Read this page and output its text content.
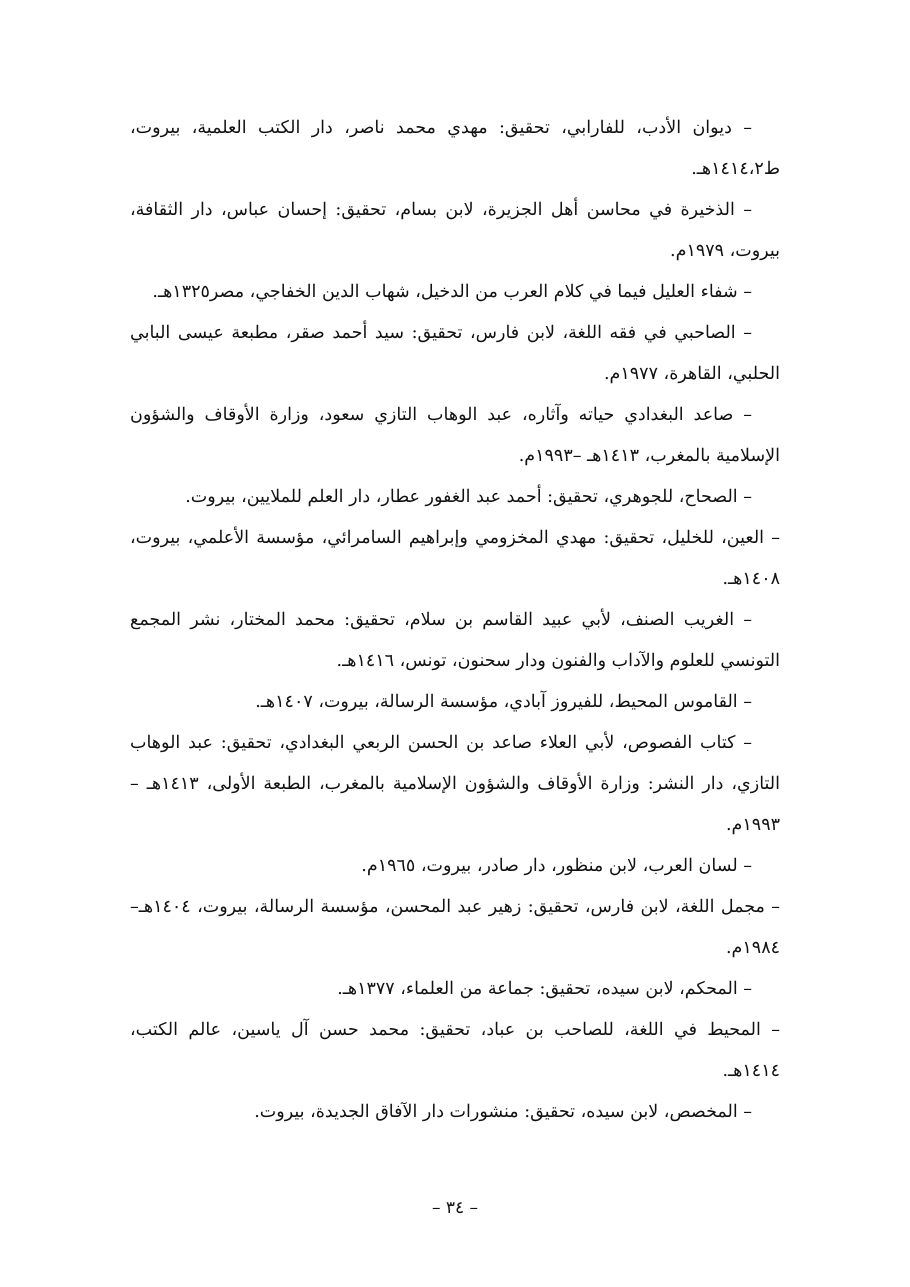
– ديوان الأدب، للفارابي، تحقيق: مهدي محمد ناصر، دار الكتب العلمية، بيروت، ط١٤١٤،٢هـ.

– الذخيرة في محاسن أهل الجزيرة، لابن بسام، تحقيق: إحسان عباس، دار الثقافة، بيروت، ١٩٧٩م.

– شفاء العليل فيما في كلام العرب من الدخيل، شهاب الدين الخفاجي، مصر١٣٢٥هـ.

– الصاحبي في فقه اللغة، لابن فارس، تحقيق: سيد أحمد صقر، مطبعة عيسى البابي الحلبي، القاهرة، ١٩٧٧م.

– صاعد البغدادي حياته وآثاره، عبد الوهاب التازي سعود، وزارة الأوقاف والشؤون الإسلامية بالمغرب، ١٤١٣هـ –١٩٩٣م.

– الصحاح، للجوهري، تحقيق: أحمد عبد الغفور عطار، دار العلم للملايين، بيروت.

– العين، للخليل، تحقيق: مهدي المخزومي وإبراهيم السامرائي، مؤسسة الأعلمي، بيروت، ١٤٠٨هـ.

– الغريب الصنف، لأبي عبيد القاسم بن سلام، تحقيق: محمد المختار، نشر المجمع التونسي للعلوم والآداب والفنون ودار سحنون، تونس، ١٤١٦هـ.

– القاموس المحيط، للفيروز آبادي، مؤسسة الرسالة، بيروت، ١٤٠٧هـ.

– كتاب الفصوص، لأبي العلاء صاعد بن الحسن الربعي البغدادي، تحقيق: عبد الوهاب التازي، دار النشر: وزارة الأوقاف والشؤون الإسلامية بالمغرب، الطبعة الأولى، ١٤١٣هـ – ١٩٩٣م.

– لسان العرب، لابن منظور، دار صادر، بيروت، ١٩٦٥م.

– مجمل اللغة، لابن فارس، تحقيق: زهير عبد المحسن، مؤسسة الرسالة، بيروت، ١٤٠٤هـ– ١٩٨٤م.

– المحكم، لابن سيده، تحقيق: جماعة من العلماء، ١٣٧٧هـ.

– المحيط في اللغة، للصاحب بن عباد، تحقيق: محمد حسن آل ياسين، عالم الكتب، ١٤١٤هـ.

– المخصص، لابن سيده، تحقيق: منشورات دار الآفاق الجديدة، بيروت.

– ٣٤ –
